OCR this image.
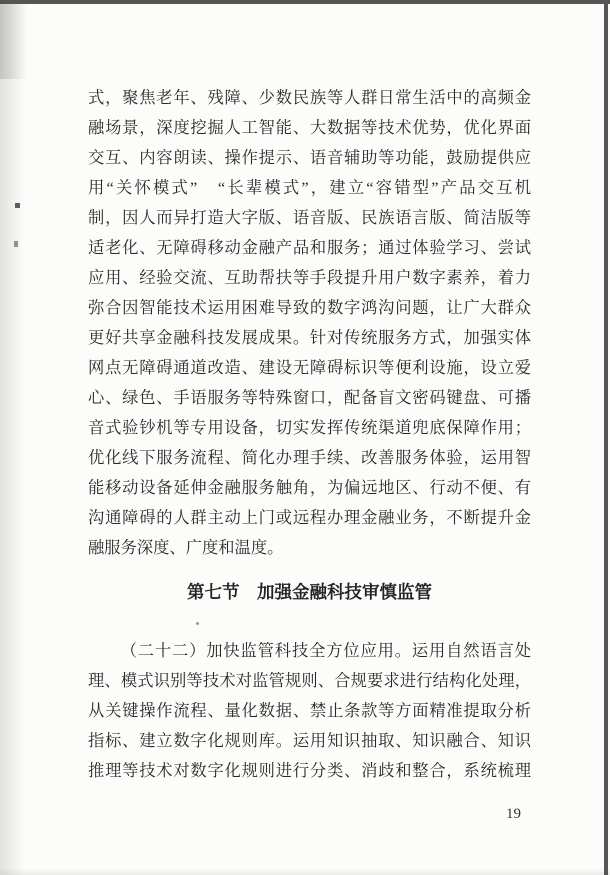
式，聚焦老年、残障、少数民族等人群日常生活中的高频金
融场景，深度挖掘人工智能、大数据等技术优势，优化界面
交互、内容朗读、操作提示、语音辅助等功能，鼓励提供应
用“关怀模式”　“长辈模式”，建立“容错型”产品交互机
制，因人而异打造大字版、语音版、民族语言版、简洁版等
适老化、无障碍移动金融产品和服务；通过体验学习、尝试
应用、经验交流、互助帮扶等手段提升用户数字素养，着力
弥合因智能技术运用困难导致的数字鸿沟问题，让广大群众
更好共享金融科技发展成果。针对传统服务方式，加强实体
网点无障碍通道改造、建设无障碍标识等便利设施，设立爱
心、绿色、手语服务等特殊窗口，配备盲文密码键盘、可播
音式验钞机等专用设备，切实发挥传统渠道兜底保障作用；
优化线下服务流程、简化办理手续、改善服务体验，运用智
能移动设备延伸金融服务触角，为偏远地区、行动不便、有
沟通障碍的人群主动上门或远程办理金融业务，不断提升金
融服务深度、广度和温度。
第七节　加强金融科技审慎监管
（二十二）加快监管科技全方位应用。运用自然语言处
理、模式识别等技术对监管规则、合规要求进行结构化处理，
从关键操作流程、量化数据、禁止条款等方面精准提取分析
指标、建立数字化规则库。运用知识抽取、知识融合、知识
推理等技术对数字化规则进行分类、消歧和整合，系统梳理
19
